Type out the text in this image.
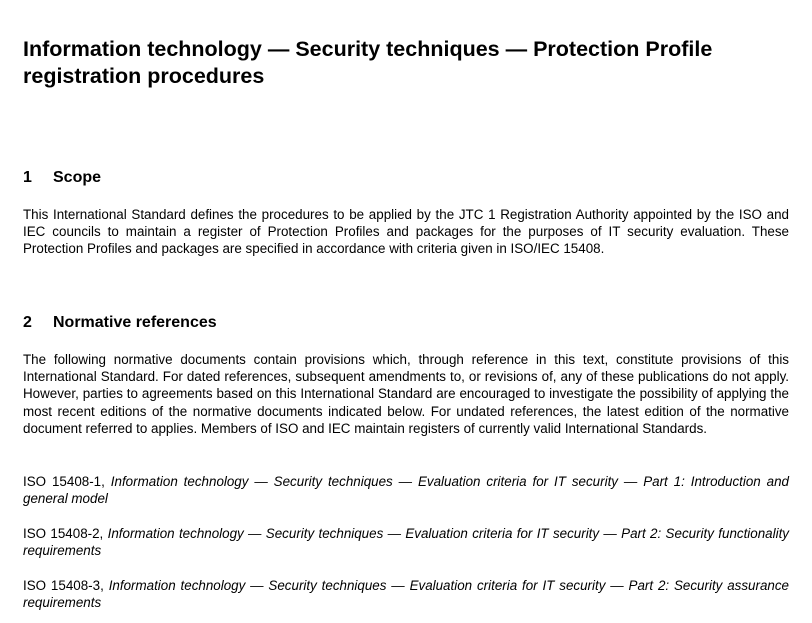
Information technology — Security techniques — Protection Profile registration procedures
1 Scope

This International Standard defines the procedures to be applied by the JTC 1 Registration Authority appointed by the ISO and IEC councils to maintain a register of Protection Profiles and packages for the purposes of IT security evaluation. These Protection Profiles and packages are specified in accordance with criteria given in ISO/IEC 15408.

2 Normative references

The following normative documents contain provisions which, through reference in this text, constitute provisions of this International Standard. For dated references, subsequent amendments to, or revisions of, any of these publications do not apply. However, parties to agreements based on this International Standard are encouraged to investigate the possibility of applying the most recent editions of the normative documents indicated below. For undated references, the latest edition of the normative document referred to applies. Members of ISO and IEC maintain registers of currently valid International Standards.

ISO 15408-1, Information technology — Security techniques — Evaluation criteria for IT security — Part 1: Introduction and general model

ISO 15408-2, Information technology — Security techniques — Evaluation criteria for IT security — Part 2: Security functionality requirements

ISO 15408-3, Information technology — Security techniques — Evaluation criteria for IT security — Part 2: Security assurance requirements
